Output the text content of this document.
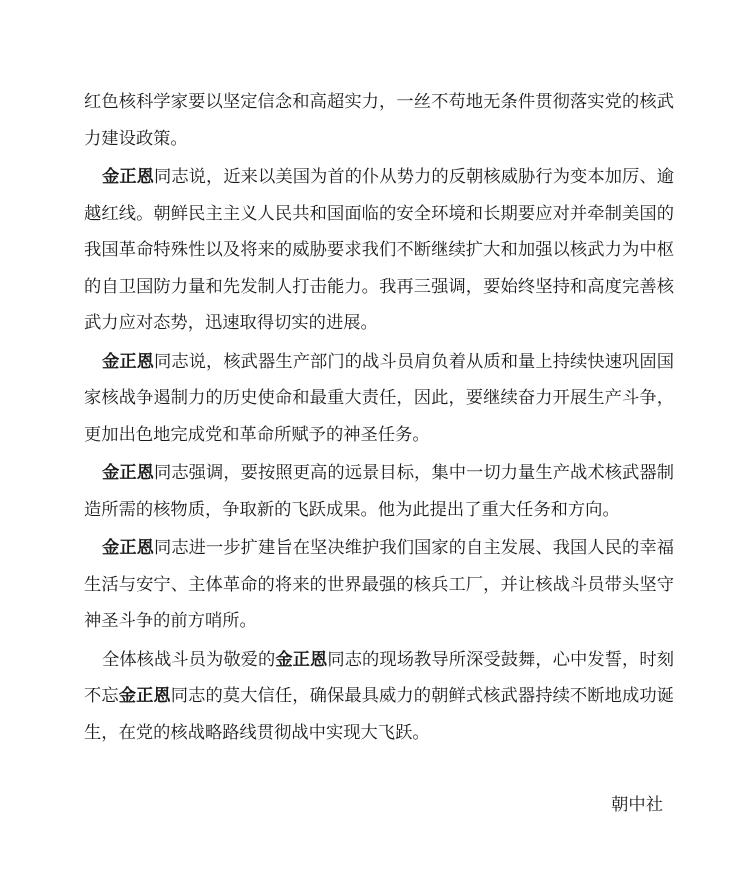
红色核科学家要以坚定信念和高超实力，一丝不苟地无条件贯彻落实党的核武力建设政策。

金正恩同志说，近来以美国为首的仆从势力的反朝核威胁行为变本加厉、逾越红线。朝鲜民主主义人民共和国面临的安全环境和长期要应对并牵制美国的我国革命特殊性以及将来的威胁要求我们不断继续扩大和加强以核武力为中枢的自卫国防力量和先发制人打击能力。我再三强调，要始终坚持和高度完善核武力应对态势，迅速取得切实的进展。

金正恩同志说，核武器生产部门的战斗员肩负着从质和量上持续快速巩固国家核战争遏制力的历史使命和最重大责任，因此，要继续奋力开展生产斗争，更加出色地完成党和革命所赋予的神圣任务。

金正恩同志强调，要按照更高的远景目标，集中一切力量生产战术核武器制造所需的核物质，争取新的飞跃成果。他为此提出了重大任务和方向。

金正恩同志进一步扩建旨在坚决维护我们国家的自主发展、我国人民的幸福生活与安宁、主体革命的将来的世界最强的核兵工厂，并让核战斗员带头坚守神圣斗争的前方哨所。

全体核战斗员为敬爱的金正恩同志的现场教导所深受鼓舞，心中发誓，时刻不忘金正恩同志的莫大信任，确保最具威力的朝鲜式核武器持续不断地成功诞生，在党的核战略路线贯彻战中实现大飞跃。

朝中社
